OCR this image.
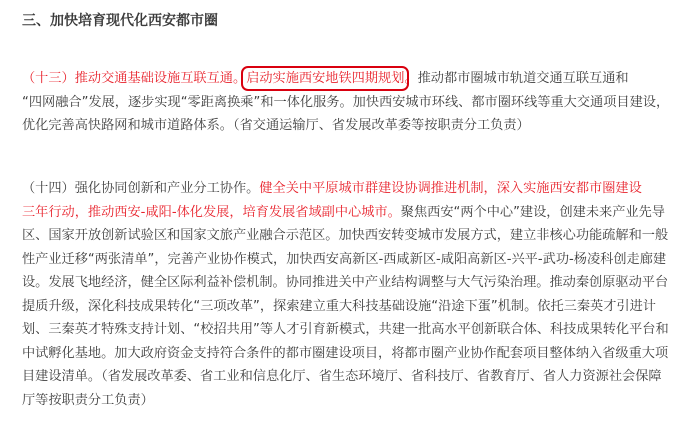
三、加快培育现代化西安都市圈
（十三）推动交通基础设施互联互通。启动实施西安地铁四期规划。推动都市圈城市轨道交通互联互通和
“四网融合”发展，逐步实现“零距离换乘”和一体化服务。加快西安城市环线、都市圈环线等重大交通项目建设，
优化完善高快路网和城市道路体系。（省交通运输厅、省发展改革委等按职责分工负责）
（十四）强化协同创新和产业分工协作。健全关中平原城市群建设协调推进机制，深入实施西安都市圈建设
三年行动，推动西安-咸阳-体化发展，培育发展省域副中心城市。聚焦西安“两个中心”建设，创建未来产业先导
区、国家开放创新试验区和国家文旅产业融合示范区。加快西安转变城市发展方式，建立非核心功能疏解和一般
性产业迁移“两张清单”，完善产业协作模式，加快西安高新区-西咸新区-咸阳高新区-兴平-武功-杨凌科创走廊建
设。发展飞地经济，健全区际利益补偿机制。协同推进关中产业结构调整与大气污染治理。推动秦创原驱动平台
提质升级，深化科技成果转化“三项改革”，探索建立重大科技基础设施“沿途下蛋”机制。依托三秦英才引进计
划、三秦英才特殊支持计划、“校招共用”等人才引育新模式，共建一批高水平创新联合体、科技成果转化平台和
中试孵化基地。加大政府资金支持符合条件的都市圈建设项目，将都市圈产业协作配套项目整体纳入省级重大项
目建设清单。（省发展改革委、省工业和信息化厅、省生态环境厅、省科技厅、省教育厅、省人力资源社会保障
厅等按职责分工负责）
